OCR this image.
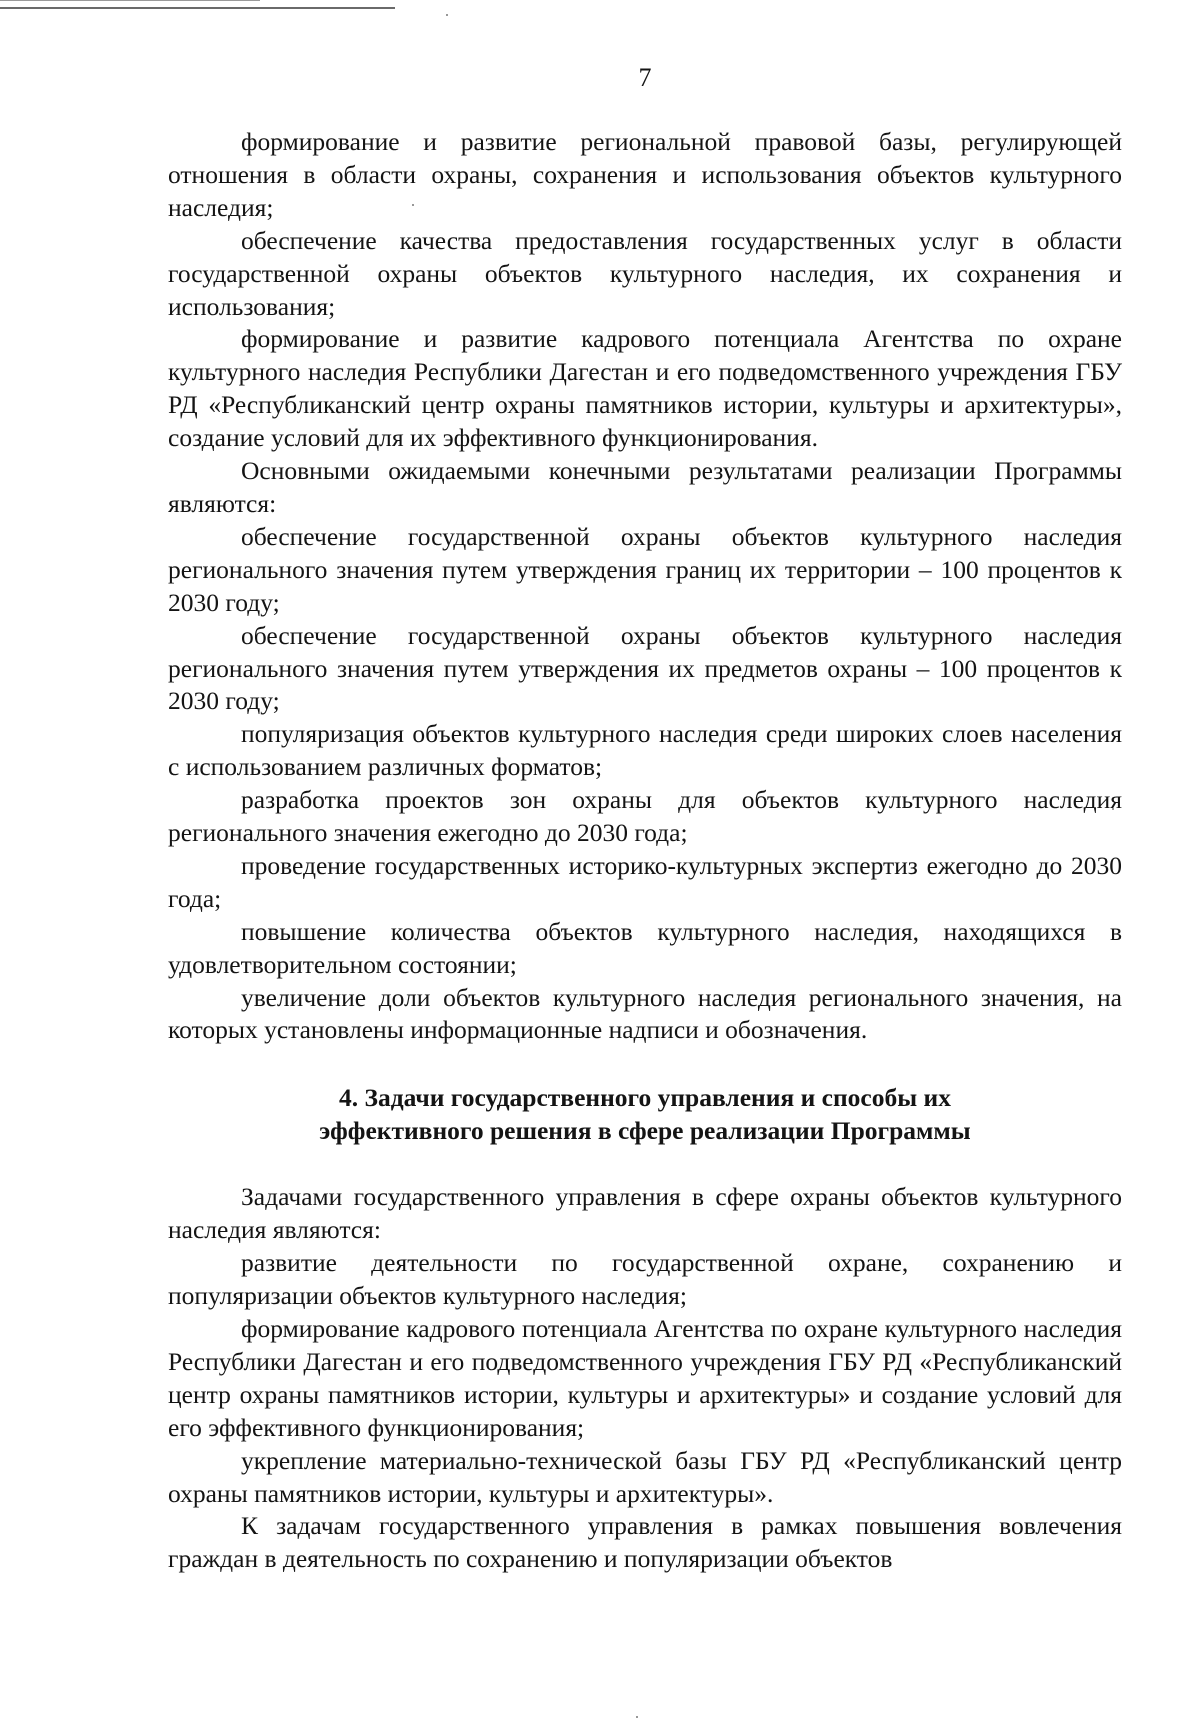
7

формирование и развитие региональной правовой базы, регулирующей отношения в области охраны, сохранения и использования объектов культурного наследия;

обеспечение качества предоставления государственных услуг в области государственной охраны объектов культурного наследия, их сохранения и использования;

формирование и развитие кадрового потенциала Агентства по охране культурного наследия Республики Дагестан и его подведомственного учреждения ГБУ РД «Республиканский центр охраны памятников истории, культуры и архитектуры», создание условий для их эффективного функционирования.

Основными ожидаемыми конечными результатами реализации Программы являются:

обеспечение государственной охраны объектов культурного наследия регионального значения путем утверждения границ их территории – 100 процентов к 2030 году;

обеспечение государственной охраны объектов культурного наследия регионального значения путем утверждения их предметов охраны – 100 процентов к 2030 году;

популяризация объектов культурного наследия среди широких слоев населения с использованием различных форматов;

разработка проектов зон охраны для объектов культурного наследия регионального значения ежегодно до 2030 года;

проведение государственных историко-культурных экспертиз ежегодно до 2030 года;

повышение количества объектов культурного наследия, находящихся в удовлетворительном состоянии;

увеличение доли объектов культурного наследия регионального значения, на которых установлены информационные надписи и обозначения.

4. Задачи государственного управления и способы их
эффективного решения в сфере реализации Программы

Задачами государственного управления в сфере охраны объектов культурного наследия являются:

развитие деятельности по государственной охране, сохранению и популяризации объектов культурного наследия;

формирование кадрового потенциала Агентства по охране культурного наследия Республики Дагестан и его подведомственного учреждения ГБУ РД «Республиканский центр охраны памятников истории, культуры и архитектуры» и создание условий для его эффективного функционирования;

укрепление материально-технической базы ГБУ РД «Республиканский центр охраны памятников истории, культуры и архитектуры».

К задачам государственного управления в рамках повышения вовлечения граждан в деятельность по сохранению и популяризации объектов
